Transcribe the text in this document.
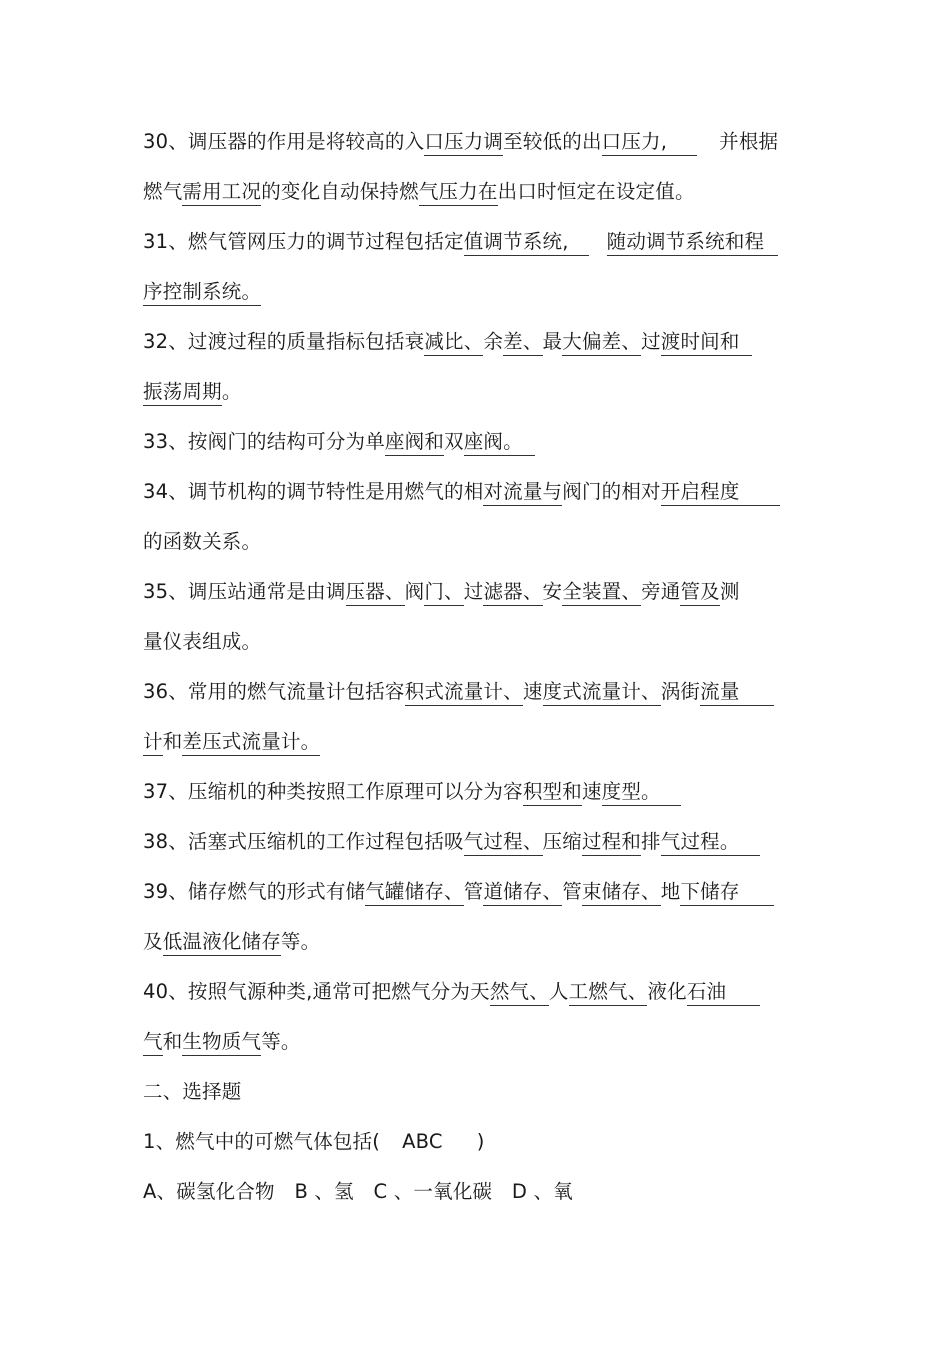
30、调压器的作用是将较高的入口压力调至较低的出口压力,	并根据
燃气需用工况的变化自动保持燃气压力在出口时恒定在设定值。
31、燃气管网压力的调节过程包括定值调节系统, 随动调节系统和程
序控制系统。
32、过渡过程的质量指标包括衰减比、余差、最大偏差、过渡时间和
振荡周期。
33、按阀门的结构可分为单座阀和双座阀。
34、调节机构的调节特性是用燃气的相对流量与阀门的相对开启程度
的函数关系。
35、调压站通常是由调压器、阀门、过滤器、安全装置、旁通管及测
量仪表组成。
36、常用的燃气流量计包括容积式流量计、速度式流量计、涡街流量
计和差压式流量计。
37、压缩机的种类按照工作原理可以分为容积型和速度型。
38、活塞式压缩机的工作过程包括吸气过程、压缩过程和排气过程。
39、储存燃气的形式有储气罐储存、管道储存、管束储存、地下储存
及低温液化储存等。
40、按照气源种类,通常可把燃气分为天然气、人工燃气、液化石油
气和生物质气等。
二、选择题
1、燃气中的可燃气体包括( ABC )
A、碳氢化合物　B 、氢　C 、一氧化碳　D 、氧
